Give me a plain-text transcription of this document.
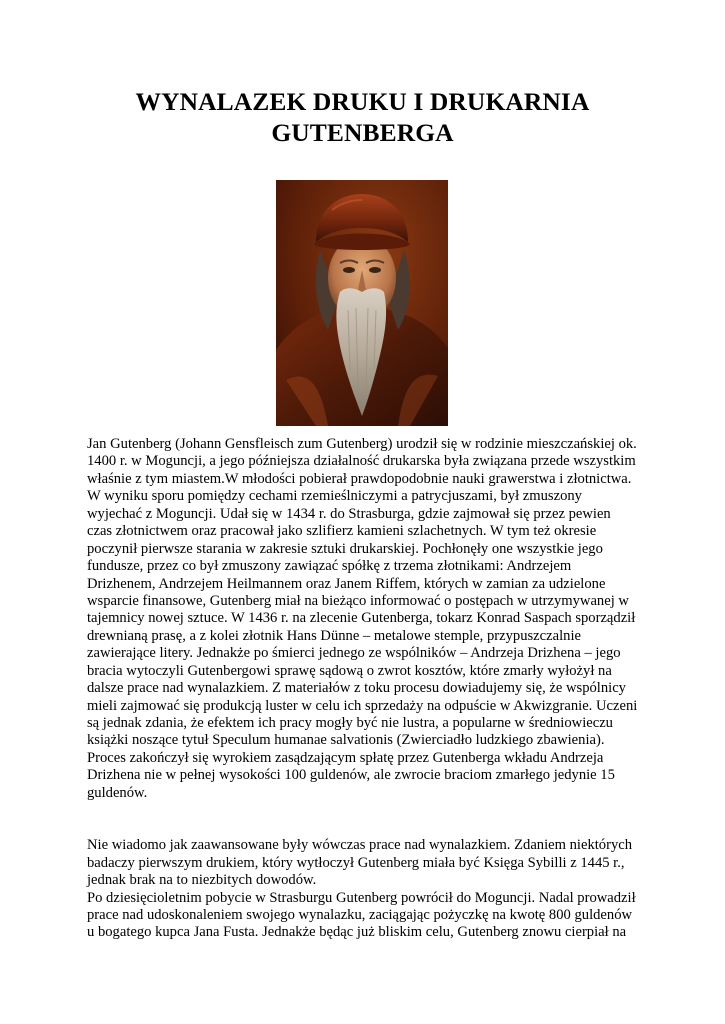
WYNALAZEK DRUKU I DRUKARNIA
GUTENBERGA
Jan Gutenberg (Johann Gensfleisch zum Gutenberg) urodził się w rodzinie mieszczańskiej ok.
1400 r. w Moguncji, a jego późniejsza działalność drukarska była związana przede wszystkim
właśnie z tym miastem.W młodości pobierał prawdopodobnie nauki grawerstwa i złotnictwa.
W wyniku sporu pomiędzy cechami rzemieślniczymi a patrycjuszami, był zmuszony
wyjechać z Moguncji. Udał się w 1434 r. do Strasburga, gdzie zajmował się przez pewien
czas złotnictwem oraz pracował jako szlifierz kamieni szlachetnych. W tym też okresie
poczynił pierwsze starania w zakresie sztuki drukarskiej. Pochłonęły one wszystkie jego
fundusze, przez co był zmuszony zawiązać spółkę z trzema złotnikami: Andrzejem
Drizhenem, Andrzejem Heilmannem oraz Janem Riffem, których w zamian za udzielone
wsparcie finansowe, Gutenberg miał na bieżąco informować o postępach w utrzymywanej w
tajemnicy nowej sztuce. W 1436 r. na zlecenie Gutenberga, tokarz Konrad Saspach sporządził
drewnianą prasę, a z kolei złotnik Hans Dünne – metalowe stemple, przypuszczalnie
zawierające litery. Jednakże po śmierci jednego ze wspólników – Andrzeja Drizhena – jego
bracia wytoczyli Gutenbergowi sprawę sądową o zwrot kosztów, które zmarły wyłożył na
dalsze prace nad wynalazkiem. Z materiałów z toku procesu dowiadujemy się, że wspólnicy
mieli zajmować się produkcją luster w celu ich sprzedaży na odpuście w Akwizgranie. Uczeni
są jednak zdania, że efektem ich pracy mogły być nie lustra, a popularne w średniowieczu
książki noszące tytuł Speculum humanae salvationis (Zwierciadło ludzkiego zbawienia).
Proces zakończył się wyrokiem zasądzającym spłatę przez Gutenberga wkładu Andrzeja
Drizhena nie w pełnej wysokości 100 guldenów, ale zwrocie braciom zmarłego jedynie 15
guldenów.
Nie wiadomo jak zaawansowane były wówczas prace nad wynalazkiem. Zdaniem niektórych
badaczy pierwszym drukiem, który wytłoczył Gutenberg miała być Księga Sybilli z 1445 r.,
jednak brak na to niezbitych dowodów.
Po dziesięcioletnim pobycie w Strasburgu Gutenberg powrócił do Moguncji. Nadal prowadził
prace nad udoskonaleniem swojego wynalazku, zaciągając pożyczkę na kwotę 800 guldenów
u bogatego kupca Jana Fusta. Jednakże będąc już bliskim celu, Gutenberg znowu cierpiał na
